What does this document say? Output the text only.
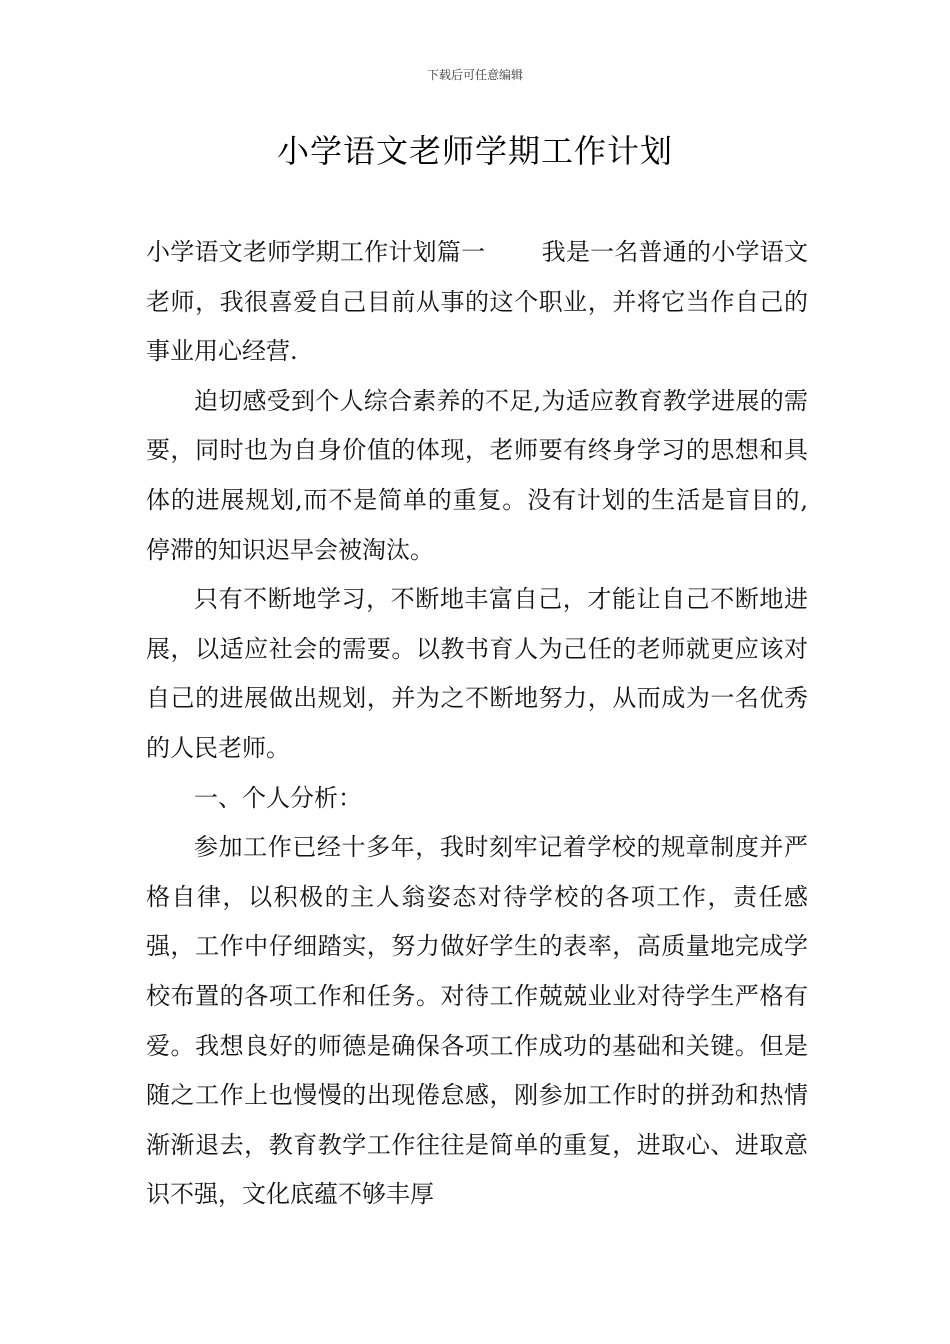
下载后可任意编辑
小学语文老师学期工作计划

小学语文老师学期工作计划篇一 我是一名普通的小学语文老师，我很喜爱自己目前从事的这个职业，并将它当作自己的事业用心经营.

迫切感受到个人综合素养的不足,为适应教育教学进展的需要，同时也为自身价值的体现，老师要有终身学习的思想和具体的进展规划,而不是简单的重复。没有计划的生活是盲目的,停滞的知识迟早会被淘汰。

只有不断地学习，不断地丰富自己，才能让自己不断地进展，以适应社会的需要。以教书育人为己任的老师就更应该对自己的进展做出规划，并为之不断地努力，从而成为一名优秀的人民老师。

一、个人分析：

参加工作已经十多年，我时刻牢记着学校的规章制度并严格自律，以积极的主人翁姿态对待学校的各项工作，责任感强，工作中仔细踏实，努力做好学生的表率，高质量地完成学校布置的各项工作和任务。对待工作兢兢业业对待学生严格有爱。我想良好的师德是确保各项工作成功的基础和关键。但是随之工作上也慢慢的出现倦怠感，刚参加工作时的拼劲和热情渐渐退去，教育教学工作往往是简单的重复，进取心、进取意识不强，文化底蕴不够丰厚
